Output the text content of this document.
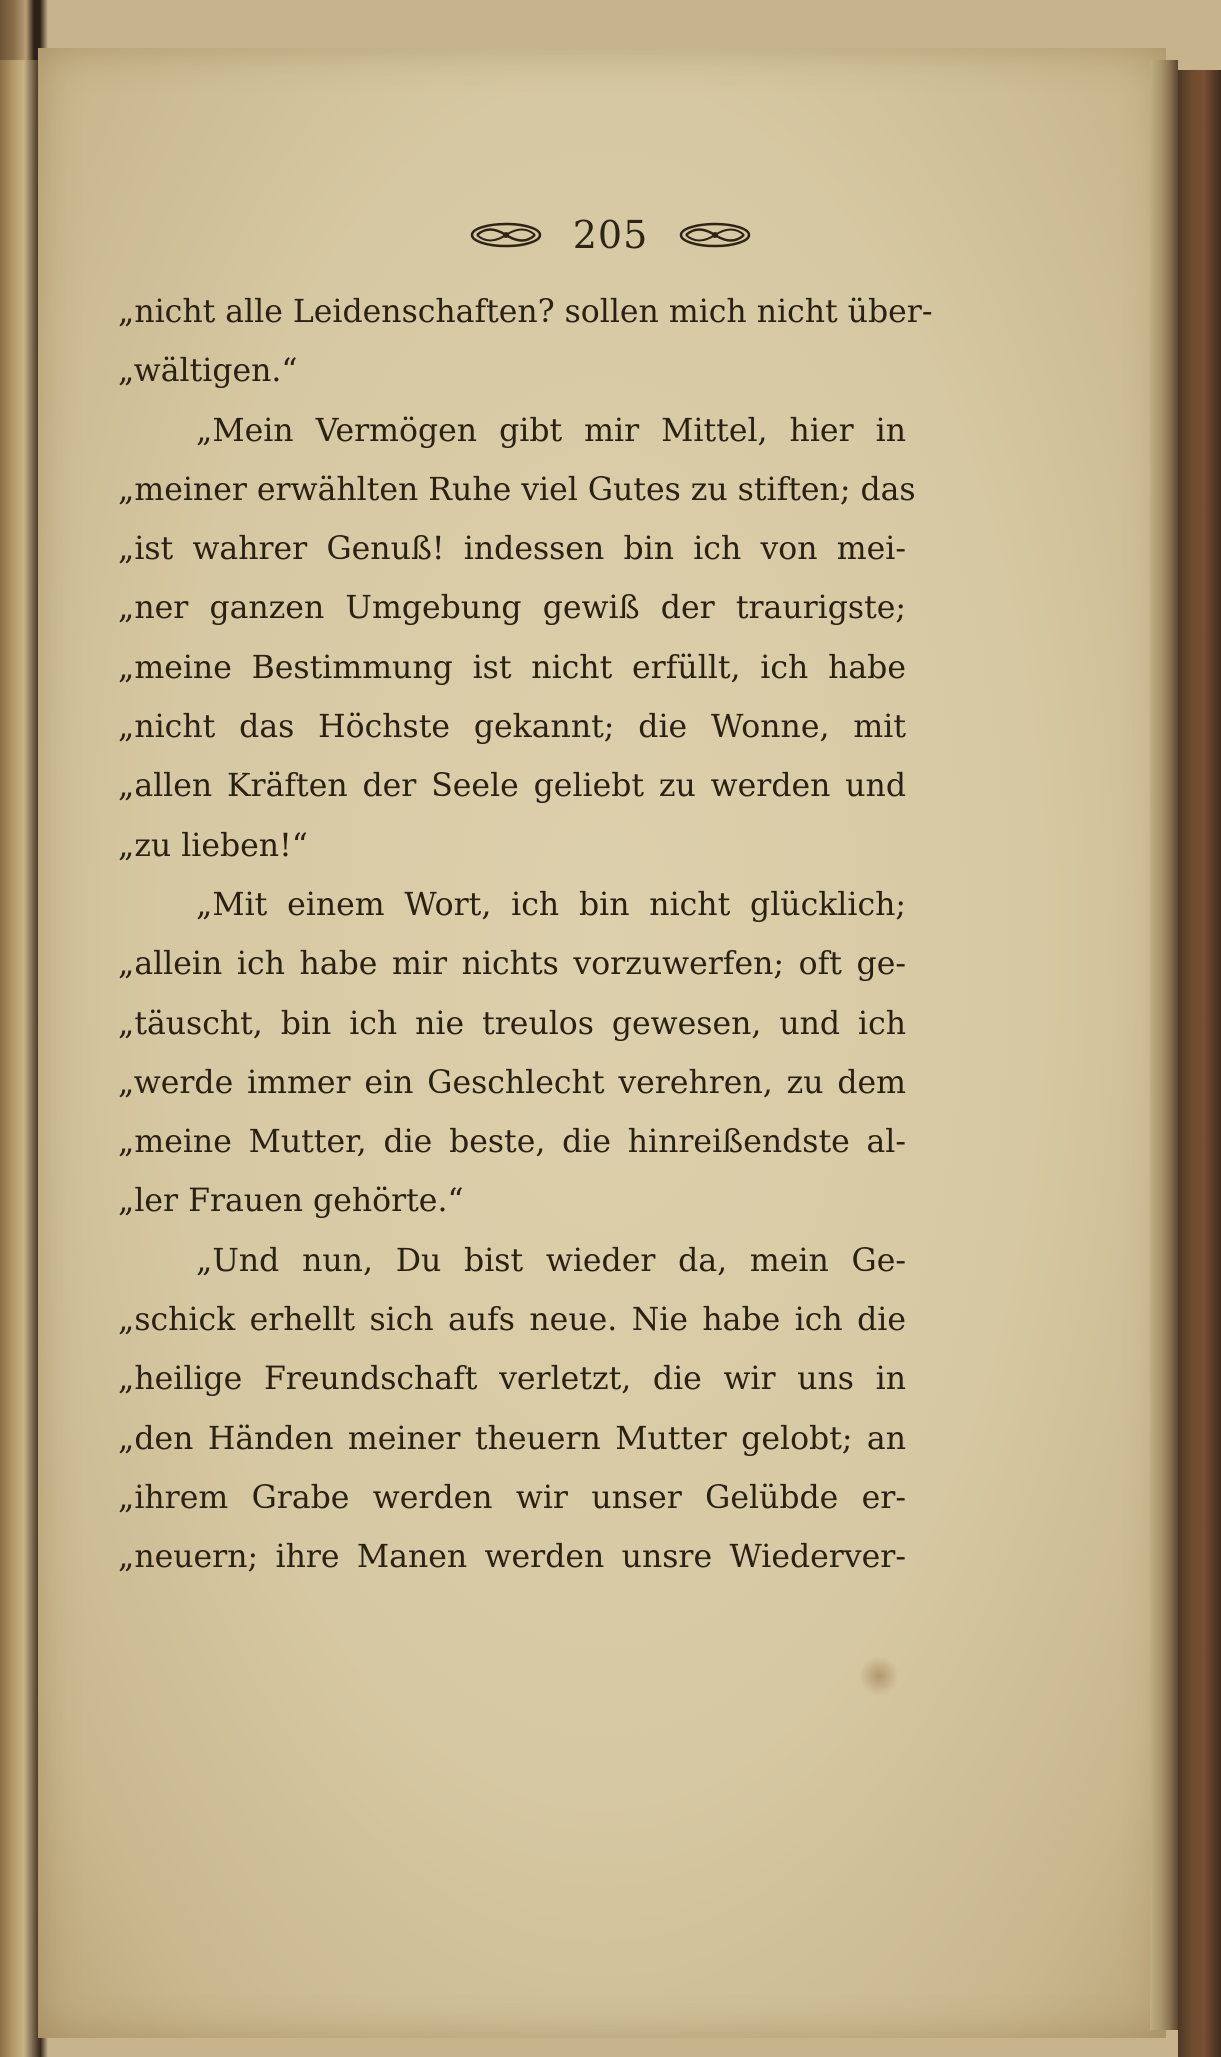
205
„nicht alle Leidenschaften? sollen mich nicht über-
„wältigen.“
„Mein Vermögen gibt mir Mittel, hier in
„meiner erwählten Ruhe viel Gutes zu stiften; das
„ist wahrer Genuß! indessen bin ich von mei-
„ner ganzen Umgebung gewiß der traurigste;
„meine Bestimmung ist nicht erfüllt, ich habe
„nicht das Höchste gekannt; die Wonne, mit
„allen Kräften der Seele geliebt zu werden und
„zu lieben!“
„Mit einem Wort, ich bin nicht glücklich;
„allein ich habe mir nichts vorzuwerfen; oft ge-
„täuscht, bin ich nie treulos gewesen, und ich
„werde immer ein Geschlecht verehren, zu dem
„meine Mutter, die beste, die hinreißendste al-
„ler Frauen gehörte.“
„Und nun, Du bist wieder da, mein Ge-
„schick erhellt sich aufs neue. Nie habe ich die
„heilige Freundschaft verletzt, die wir uns in
„den Händen meiner theuern Mutter gelobt; an
„ihrem Grabe werden wir unser Gelübde er-
„neuern; ihre Manen werden unsre Wiederver-
